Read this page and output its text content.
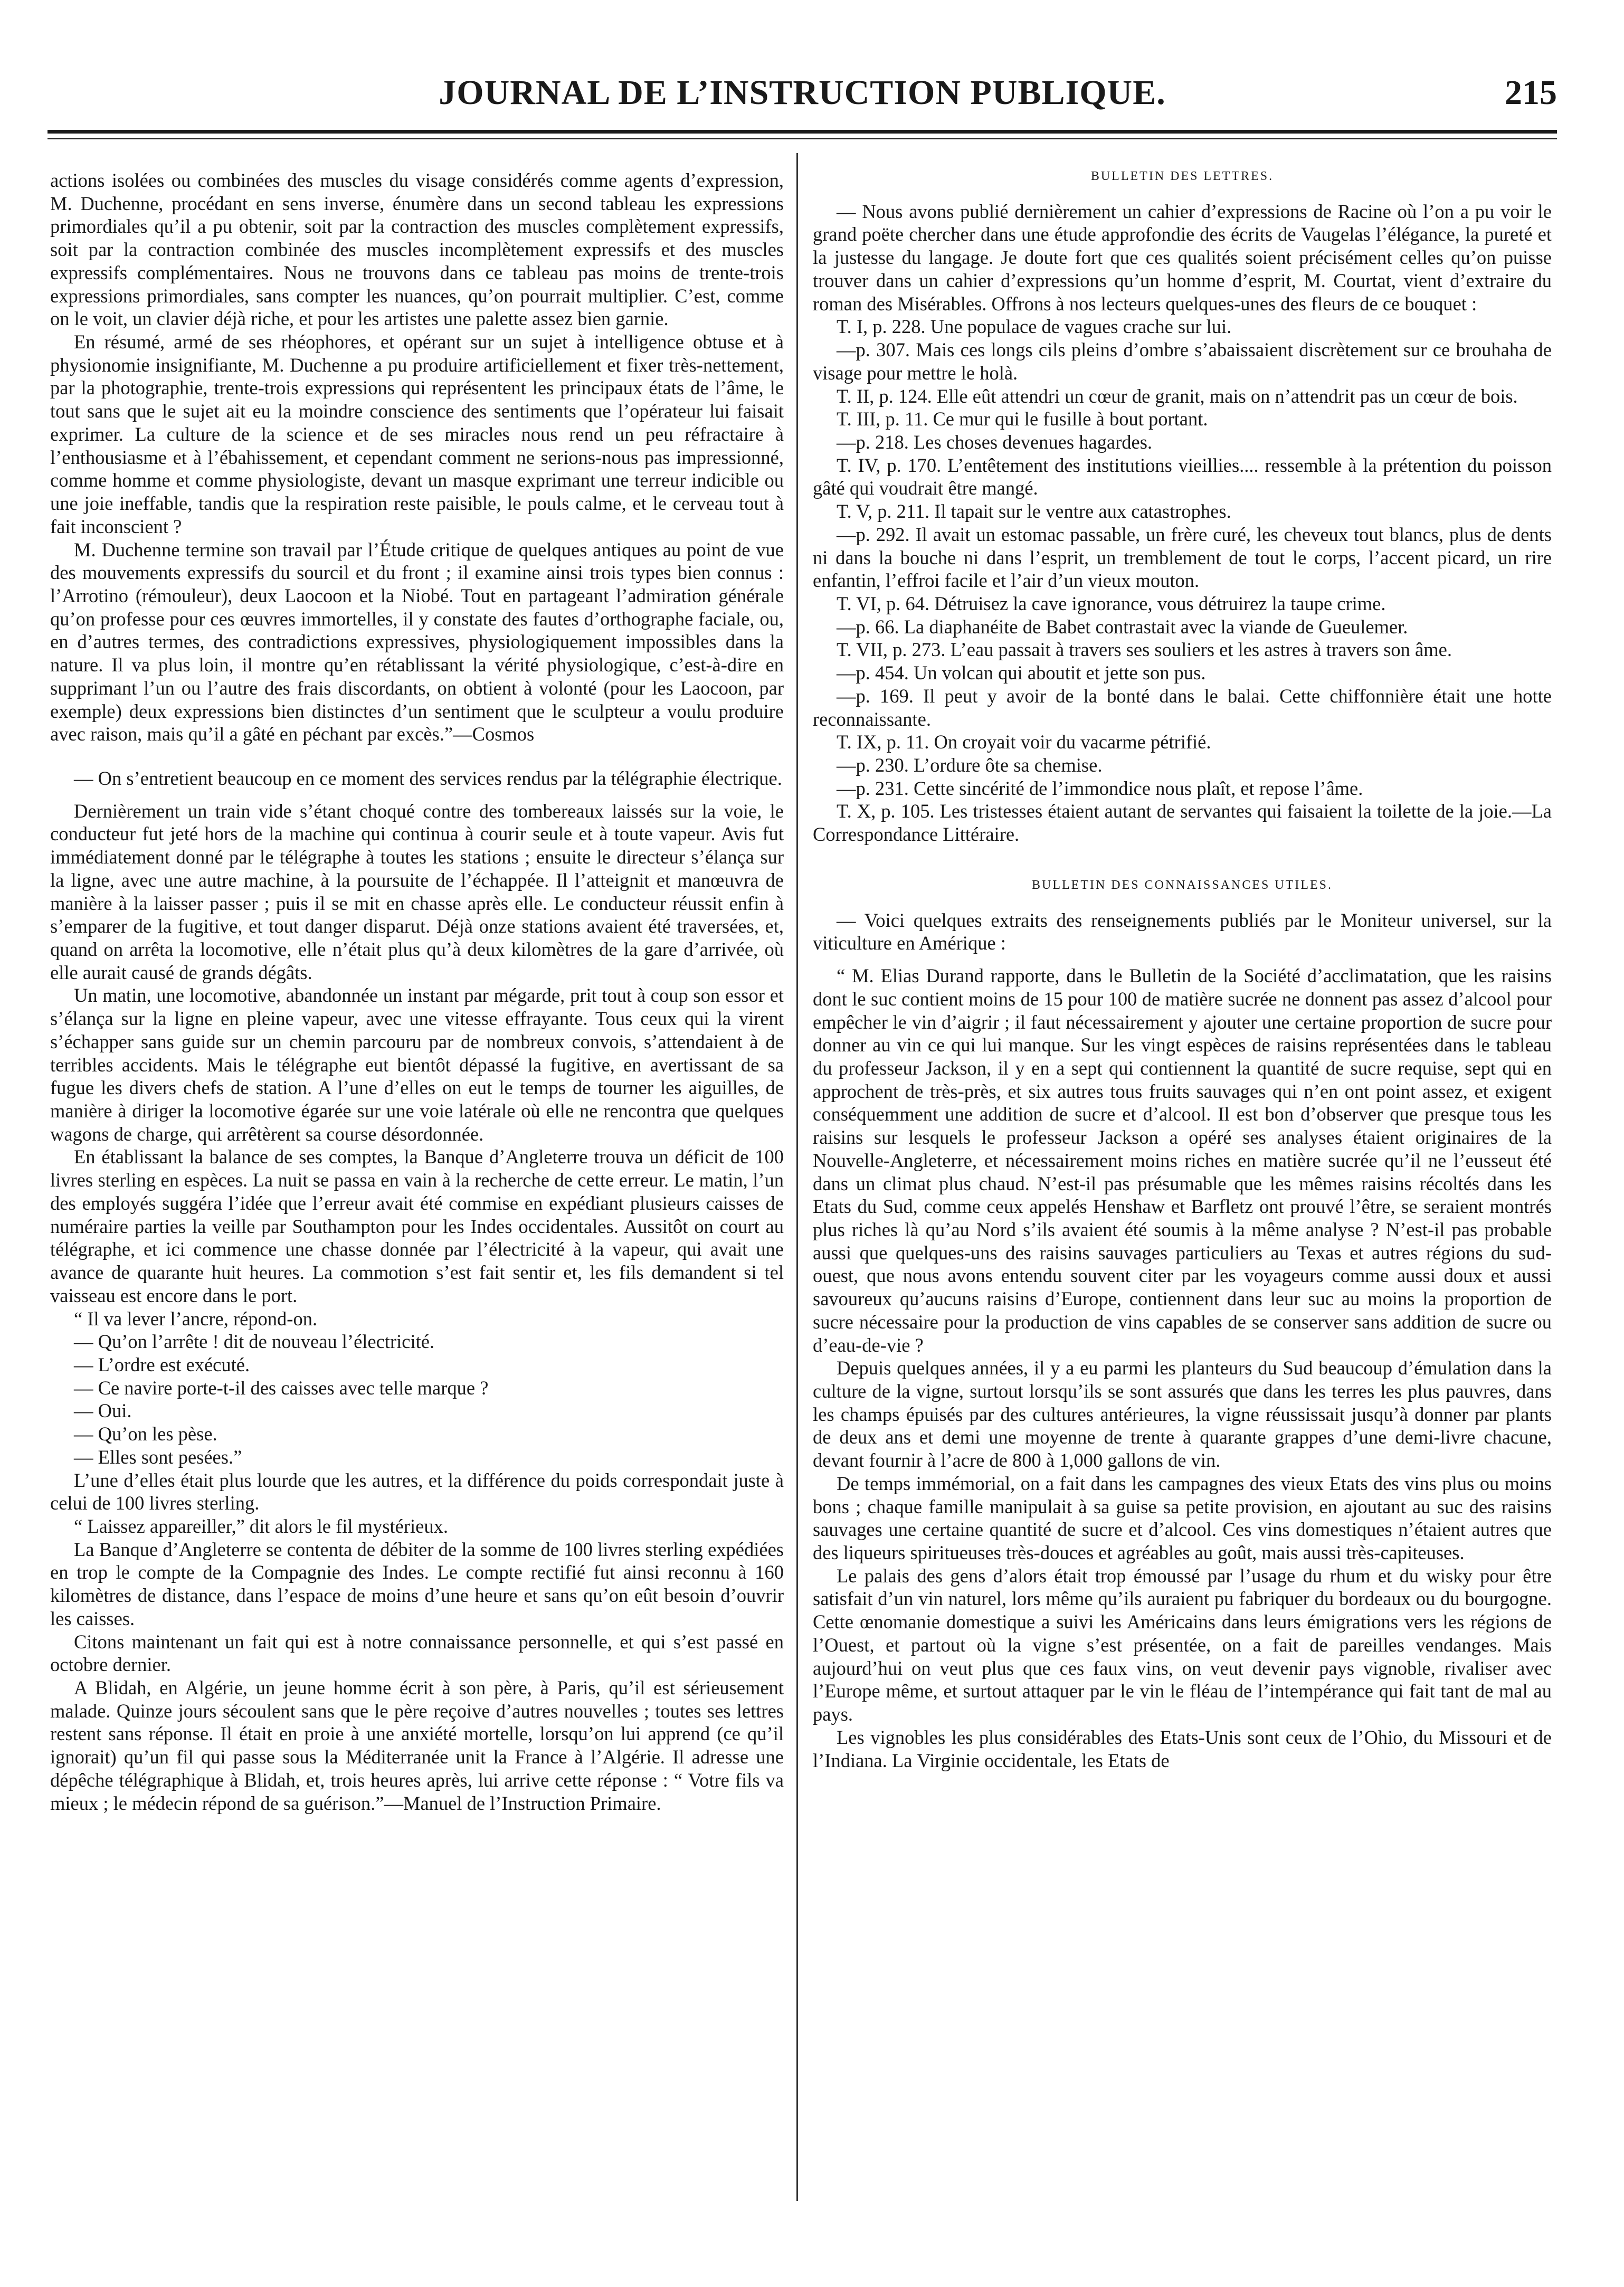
JOURNAL DE L’INSTRUCTION PUBLIQUE.	215

actions isolées ou combinées des muscles du visage considérés comme agents d’expression, M. Duchenne, procédant en sens inverse, énumère dans un second tableau les expressions primordiales qu’il a pu obtenir, soit par la contraction des muscles complètement expressifs, soit par la contraction combinée des muscles incomplètement expressifs et des muscles expressifs complémentaires. Nous ne trouvons dans ce tableau pas moins de trente-trois expressions primordiales, sans compter les nuances, qu’on pourrait multiplier. C’est, comme on le voit, un clavier déjà riche, et pour les artistes une palette assez bien garnie.

En résumé, armé de ses rhéophores, et opérant sur un sujet à intelligence obtuse et à physionomie insignifiante, M. Duchenne a pu produire artificiellement et fixer très-nettement, par la photographie, trente-trois expressions qui représentent les principaux états de l’âme, le tout sans que le sujet ait eu la moindre conscience des sentiments que l’opérateur lui faisait exprimer. La culture de la science et de ses miracles nous rend un peu réfractaire à l’enthousiasme et à l’ébahissement, et cependant comment ne serions-nous pas impressionné, comme homme et comme physiologiste, devant un masque exprimant une terreur indicible ou une joie ineffable, tandis que la respiration reste paisible, le pouls calme, et le cerveau tout à fait inconscient ?

M. Duchenne termine son travail par l’Étude critique de quelques antiques au point de vue des mouvements expressifs du sourcil et du front ; il examine ainsi trois types bien connus : l’Arrotino (rémouleur), deux Laocoon et la Niobé. Tout en partageant l’admiration générale qu’on professe pour ces œuvres immortelles, il y constate des fautes d’orthographe faciale, ou, en d’autres termes, des contradictions expressives, physiologiquement impossibles dans la nature. Il va plus loin, il montre qu’en rétablissant la vérité physiologique, c’est-à-dire en supprimant l’un ou l’autre des frais discordants, on obtient à volonté (pour les Laocoon, par exemple) deux expressions bien distinctes d’un sentiment que le sculpteur a voulu produire avec raison, mais qu’il a gâté en péchant par excès.”—Cosmos

— On s’entretient beaucoup en ce moment des services rendus par la télégraphie électrique.

Dernièrement un train vide s’étant choqué contre des tombereaux laissés sur la voie, le conducteur fut jeté hors de la machine qui continua à courir seule et à toute vapeur. Avis fut immédiatement donné par le télégraphe à toutes les stations ; ensuite le directeur s’élança sur la ligne, avec une autre machine, à la poursuite de l’échappée. Il l’atteignit et manœuvra de manière à la laisser passer ; puis il se mit en chasse après elle. Le conducteur réussit enfin à s’emparer de la fugitive, et tout danger disparut. Déjà onze stations avaient été traversées, et, quand on arrêta la locomotive, elle n’était plus qu’à deux kilomètres de la gare d’arrivée, où elle aurait causé de grands dégâts.

Un matin, une locomotive, abandonnée un instant par mégarde, prit tout à coup son essor et s’élança sur la ligne en pleine vapeur, avec une vitesse effrayante. Tous ceux qui la virent s’échapper sans guide sur un chemin parcouru par de nombreux convois, s’attendaient à de terribles accidents. Mais le télégraphe eut bientôt dépassé la fugitive, en avertissant de sa fugue les divers chefs de station. A l’une d’elles on eut le temps de tourner les aiguilles, de manière à diriger la locomotive égarée sur une voie latérale où elle ne rencontra que quelques wagons de charge, qui arrêtèrent sa course désordonnée.

En établissant la balance de ses comptes, la Banque d’Angleterre trouva un déficit de 100 livres sterling en espèces. La nuit se passa en vain à la recherche de cette erreur. Le matin, l’un des employés suggéra l’idée que l’erreur avait été commise en expédiant plusieurs caisses de numéraire parties la veille par Southampton pour les Indes occidentales. Aussitôt on court au télégraphe, et ici commence une chasse donnée par l’électricité à la vapeur, qui avait une avance de quarante huit heures. La commotion s’est fait sentir et, les fils demandent si tel vaisseau est encore dans le port.

“ Il va lever l’ancre, répond-on.

— Qu’on l’arrête ! dit de nouveau l’électricité.

— L’ordre est exécuté.

— Ce navire porte-t-il des caisses avec telle marque ?

— Oui.

— Qu’on les pèse.

— Elles sont pesées.”

L’une d’elles était plus lourde que les autres, et la différence du poids correspondait juste à celui de 100 livres sterling.

“ Laissez appareiller,” dit alors le fil mystérieux.

La Banque d’Angleterre se contenta de débiter de la somme de 100 livres sterling expédiées en trop le compte de la Compagnie des Indes. Le compte rectifié fut ainsi reconnu à 160 kilomètres de distance, dans l’espace de moins d’une heure et sans qu’on eût besoin d’ouvrir les caisses.

Citons maintenant un fait qui est à notre connaissance personnelle, et qui s’est passé en octobre dernier.

A Blidah, en Algérie, un jeune homme écrit à son père, à Paris, qu’il est sérieusement malade. Quinze jours sécoulent sans que le père reçoive d’autres nouvelles ; toutes ses lettres restent sans réponse. Il était en proie à une anxiété mortelle, lorsqu’on lui apprend (ce qu’il ignorait) qu’un fil qui passe sous la Méditerranée unit la France à l’Algérie. Il adresse une dépêche télégraphique à Blidah, et, trois heures après, lui arrive cette réponse : “ Votre fils va mieux ; le médecin répond de sa guérison.”—Manuel de l’Instruction Primaire.

BULLETIN DES LETTRES.

— Nous avons publié dernièrement un cahier d’expressions de Racine où l’on a pu voir le grand poëte chercher dans une étude approfondie des écrits de Vaugelas l’élégance, la pureté et la justesse du langage. Je doute fort que ces qualités soient précisément celles qu’on puisse trouver dans un cahier d’expressions qu’un homme d’esprit, M. Courtat, vient d’extraire du roman des Misérables. Offrons à nos lecteurs quelques-unes des fleurs de ce bouquet :

T. I, p. 228. Une populace de vagues crache sur lui.

—p. 307. Mais ces longs cils pleins d’ombre s’abaissaient discrètement sur ce brouhaha de visage pour mettre le holà.

T. II, p. 124. Elle eût attendri un cœur de granit, mais on n’attendrit pas un cœur de bois.

T. III, p. 11. Ce mur qui le fusille à bout portant.

—p. 218. Les choses devenues hagardes.

T. IV, p. 170. L’entêtement des institutions vieillies.... ressemble à la prétention du poisson gâté qui voudrait être mangé.

T. V, p. 211. Il tapait sur le ventre aux catastrophes.

—p. 292. Il avait un estomac passable, un frère curé, les cheveux tout blancs, plus de dents ni dans la bouche ni dans l’esprit, un tremblement de tout le corps, l’accent picard, un rire enfantin, l’effroi facile et l’air d’un vieux mouton.

T. VI, p. 64. Détruisez la cave ignorance, vous détruirez la taupe crime.

—p. 66. La diaphanéite de Babet contrastait avec la viande de Gueulemer.

T. VII, p. 273. L’eau passait à travers ses souliers et les astres à travers son âme.

—p. 454. Un volcan qui aboutit et jette son pus.

—p. 169. Il peut y avoir de la bonté dans le balai. Cette chiffonnière était une hotte reconnaissante.

T. IX, p. 11. On croyait voir du vacarme pétrifié.

—p. 230. L’ordure ôte sa chemise.

—p. 231. Cette sincérité de l’immondice nous plaît, et repose l’âme.

T. X, p. 105. Les tristesses étaient autant de servantes qui faisaient la toilette de la joie.—La Correspondance Littéraire.

BULLETIN DES CONNAISSANCES UTILES.

— Voici quelques extraits des renseignements publiés par le Moniteur universel, sur la viticulture en Amérique :

“ M. Elias Durand rapporte, dans le Bulletin de la Société d’acclimatation, que les raisins dont le suc contient moins de 15 pour 100 de matière sucrée ne donnent pas assez d’alcool pour empêcher le vin d’aigrir ; il faut nécessairement y ajouter une certaine proportion de sucre pour donner au vin ce qui lui manque. Sur les vingt espèces de raisins représentées dans le tableau du professeur Jackson, il y en a sept qui contiennent la quantité de sucre requise, sept qui en approchent de très-près, et six autres tous fruits sauvages qui n’en ont point assez, et exigent conséquemment une addition de sucre et d’alcool. Il est bon d’observer que presque tous les raisins sur lesquels le professeur Jackson a opéré ses analyses étaient originaires de la Nouvelle-Angleterre, et nécessairement moins riches en matière sucrée qu’il ne l’eusseut été dans un climat plus chaud. N’est-il pas présumable que les mêmes raisins récoltés dans les Etats du Sud, comme ceux appelés Henshaw et Barfletz ont prouvé l’être, se seraient montrés plus riches là qu’au Nord s’ils avaient été soumis à la même analyse ? N’est-il pas probable aussi que quelques-uns des raisins sauvages particuliers au Texas et autres régions du sud-ouest, que nous avons entendu souvent citer par les voyageurs comme aussi doux et aussi savoureux qu’aucuns raisins d’Europe, contiennent dans leur suc au moins la proportion de sucre nécessaire pour la production de vins capables de se conserver sans addition de sucre ou d’eau-de-vie ?

Depuis quelques années, il y a eu parmi les planteurs du Sud beaucoup d’émulation dans la culture de la vigne, surtout lorsqu’ils se sont assurés que dans les terres les plus pauvres, dans les champs épuisés par des cultures antérieures, la vigne réussissait jusqu’à donner par plants de deux ans et demi une moyenne de trente à quarante grappes d’une demi-livre chacune, devant fournir à l’acre de 800 à 1,000 gallons de vin.

De temps immémorial, on a fait dans les campagnes des vieux Etats des vins plus ou moins bons ; chaque famille manipulait à sa guise sa petite provision, en ajoutant au suc des raisins sauvages une certaine quantité de sucre et d’alcool. Ces vins domestiques n’étaient autres que des liqueurs spiritueuses très-douces et agréables au goût, mais aussi très-capiteuses.

Le palais des gens d’alors était trop émoussé par l’usage du rhum et du wisky pour être satisfait d’un vin naturel, lors même qu’ils auraient pu fabriquer du bordeaux ou du bourgogne. Cette œnomanie domestique a suivi les Américains dans leurs émigrations vers les régions de l’Ouest, et partout où la vigne s’est présentée, on a fait de pareilles vendanges. Mais aujourd’hui on veut plus que ces faux vins, on veut devenir pays vignoble, rivaliser avec l’Europe même, et surtout attaquer par le vin le fléau de l’intempérance qui fait tant de mal au pays.

Les vignobles les plus considérables des Etats-Unis sont ceux de l’Ohio, du Missouri et de l’Indiana. La Virginie occidentale, les Etats de
